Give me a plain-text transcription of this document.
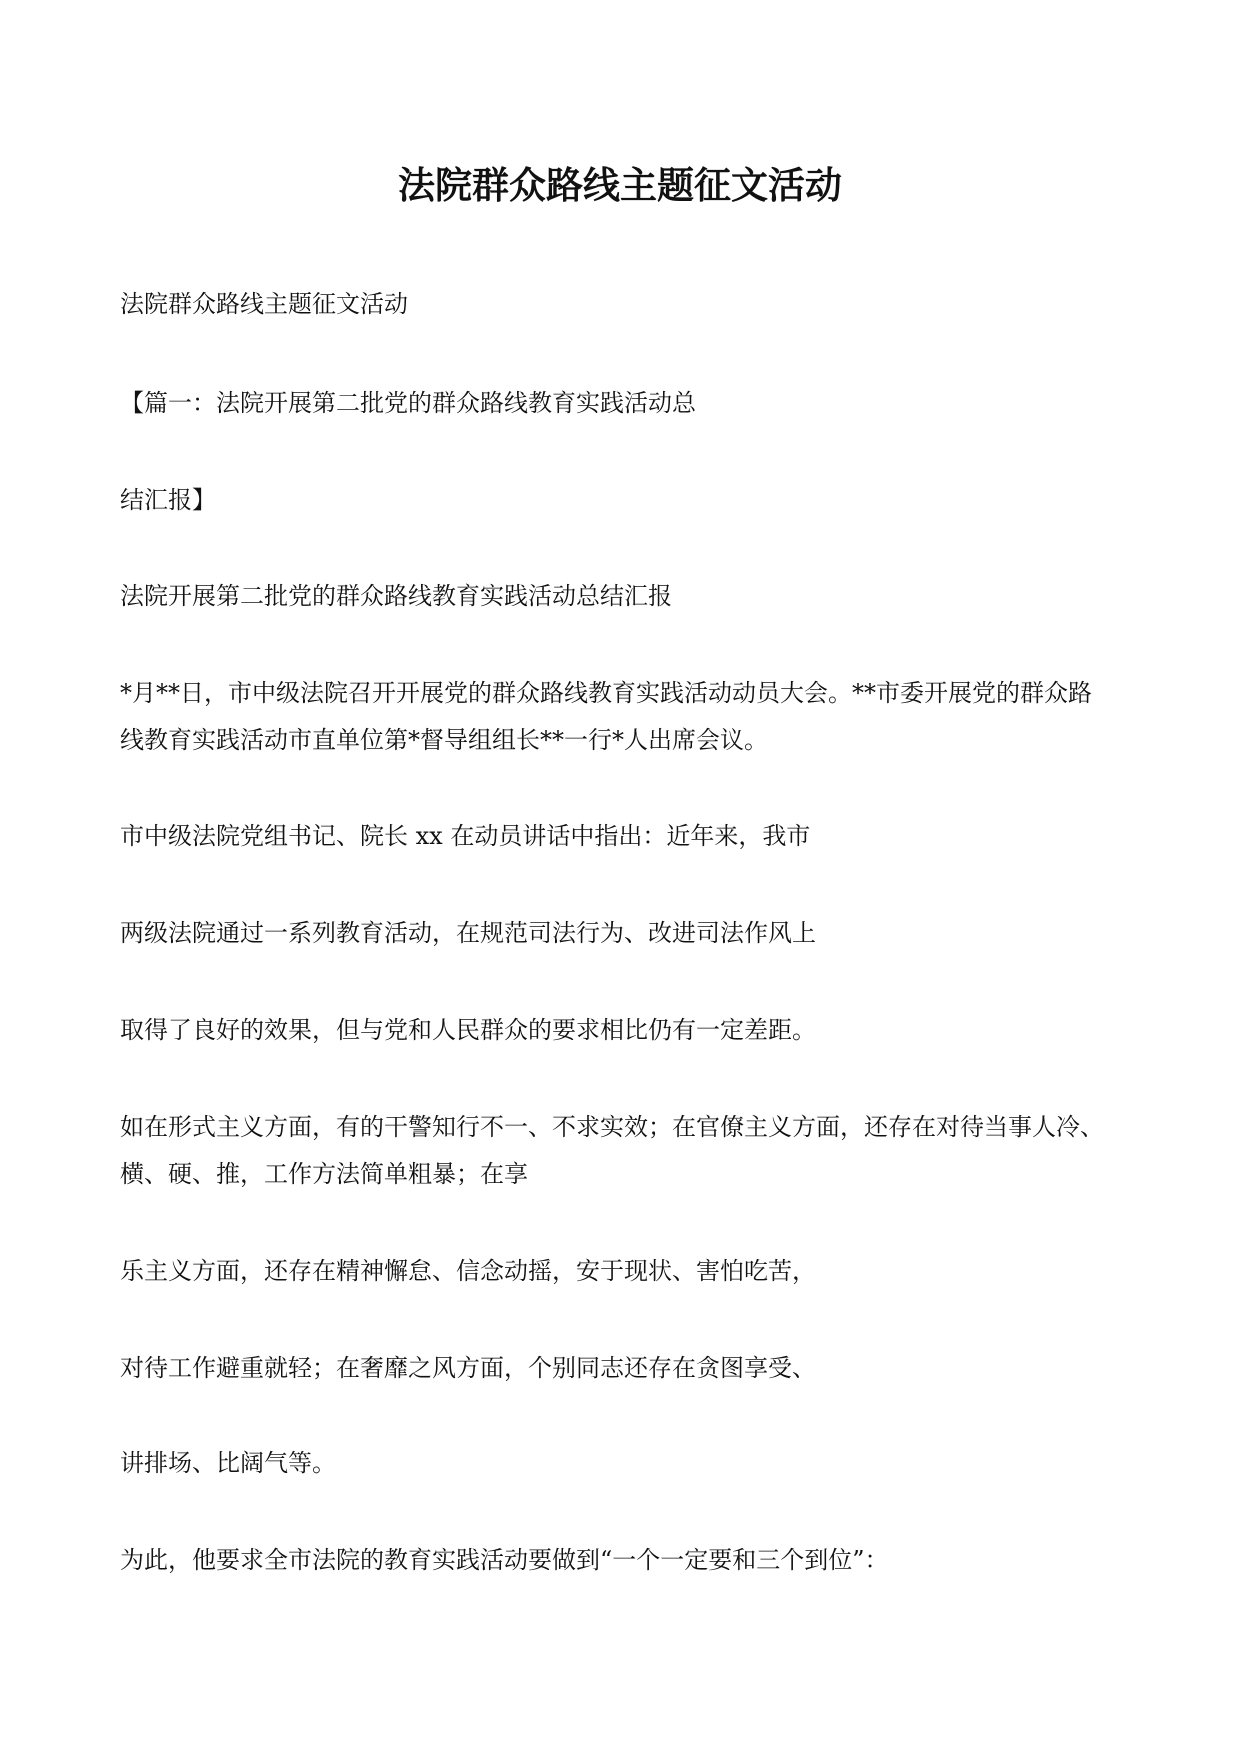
法院群众路线主题征文活动
法院群众路线主题征文活动
【篇一：法院开展第二批党的群众路线教育实践活动总
结汇报】
法院开展第二批党的群众路线教育实践活动总结汇报
*月**日，市中级法院召开开展党的群众路线教育实践活动动员大会。**市委开展党的群众路
线教育实践活动市直单位第*督导组组长**一行*人出席会议。
市中级法院党组书记、院长 xx 在动员讲话中指出：近年来，我市
两级法院通过一系列教育活动，在规范司法行为、改进司法作风上
取得了良好的效果，但与党和人民群众的要求相比仍有一定差距。
如在形式主义方面，有的干警知行不一、不求实效；在官僚主义方面，还存在对待当事人冷、
横、硬、推，工作方法简单粗暴；在享
乐主义方面，还存在精神懈怠、信念动摇，安于现状、害怕吃苦，
对待工作避重就轻；在奢靡之风方面，个别同志还存在贪图享受、
讲排场、比阔气等。
为此，他要求全市法院的教育实践活动要做到“一个一定要和三个到位”：
